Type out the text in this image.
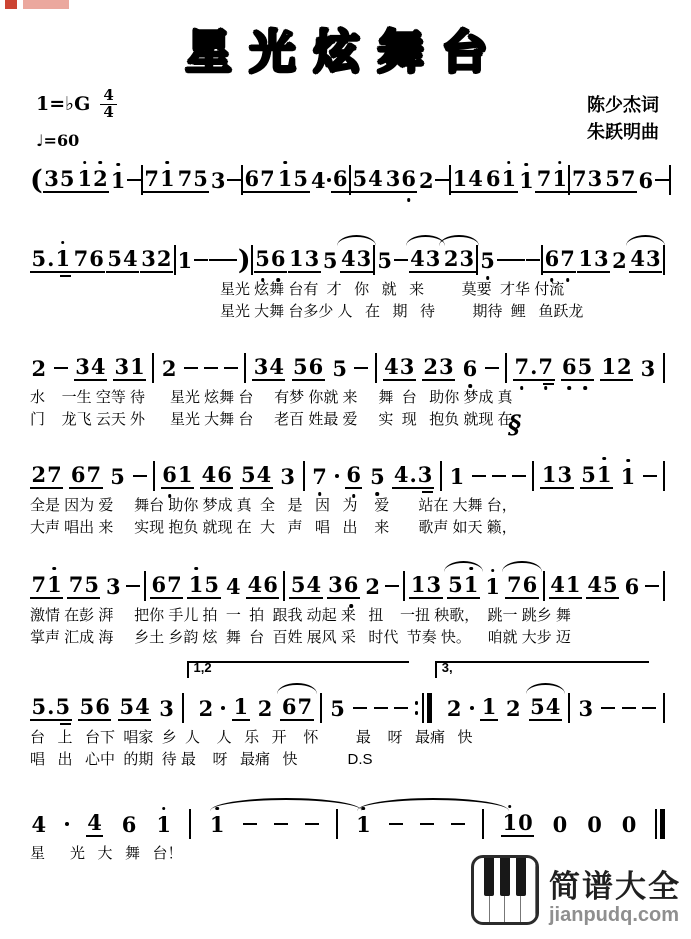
星光炫舞台
1=♭G 4
4
♩=60
陈少杰词
朱跃明曲
( 3 5 1 2 1 7 1 7 5 3 6 7 1 5 4 6 5 4 3 6 2 1 4 6 1 1 7 1 7 3 5 7 6
5 . 1 7 6 5 4 3 2 1 ) 5 6 1 3 5 4 3 5 4 3 2 3 5 6 7 1 3 2 4 3
星光 炫舞 台有  才   你   就   来         莫要  才华 付流
星光 大舞 台多少 人   在   期   待         期待  鲤   鱼跃龙
2 3 4 3 1 2	3 4 5 6 5 4 3 2 3 6 7 . 7 6 5 1 2 3
水    一生 空等 待      星光 炫舞 台     有梦 你就 来     舞  台   助你 梦成 真
门    龙飞 云天 外      星光 大舞 台     老百 姓最 爱     实  现   抱负 就现 在
2 7 6 7 5 6 1 4 6 5 4 3 7 6 5 4 . 3 1	1 3 5 1 1
全是 因为 爱     舞台 助你 梦成 真  全   是   因   为    爱       站在 大舞 台，
大声 唱出 来     实现 抱负 就现 在  大   声   唱   出    来       歌声 如天 籁，
7 1 7 5 3 6 7 1 5 4 4 6 5 4 3 6 2 1 3 5 1 1 7 6 4 1 4 5 6
激情 在彭 湃     把你 手儿 拍  一  拍  跟我 动起 来   扭    一扭 秧歌，  跳一 跳乡 舞
掌声 汇成 海     乡土 乡韵 炫  舞  台  百姓 展风 采   时代  节奏 快。    咱就 大步 迈
5 . 5 5 6 5 4 3
1,2
2 1 2 6 7 5
3,
2 1 2 5 4 3
台   上   台下  唱家  乡  人    人   乐   开    怀         最    呀   最痛   快
唱   出   心中  的期  待 最    呀   最痛   快            D.S
4 4 6 1 1	1	1 0 0 0 0
星      光   大   舞   台！
§
简谱大全
jianpudq.com
